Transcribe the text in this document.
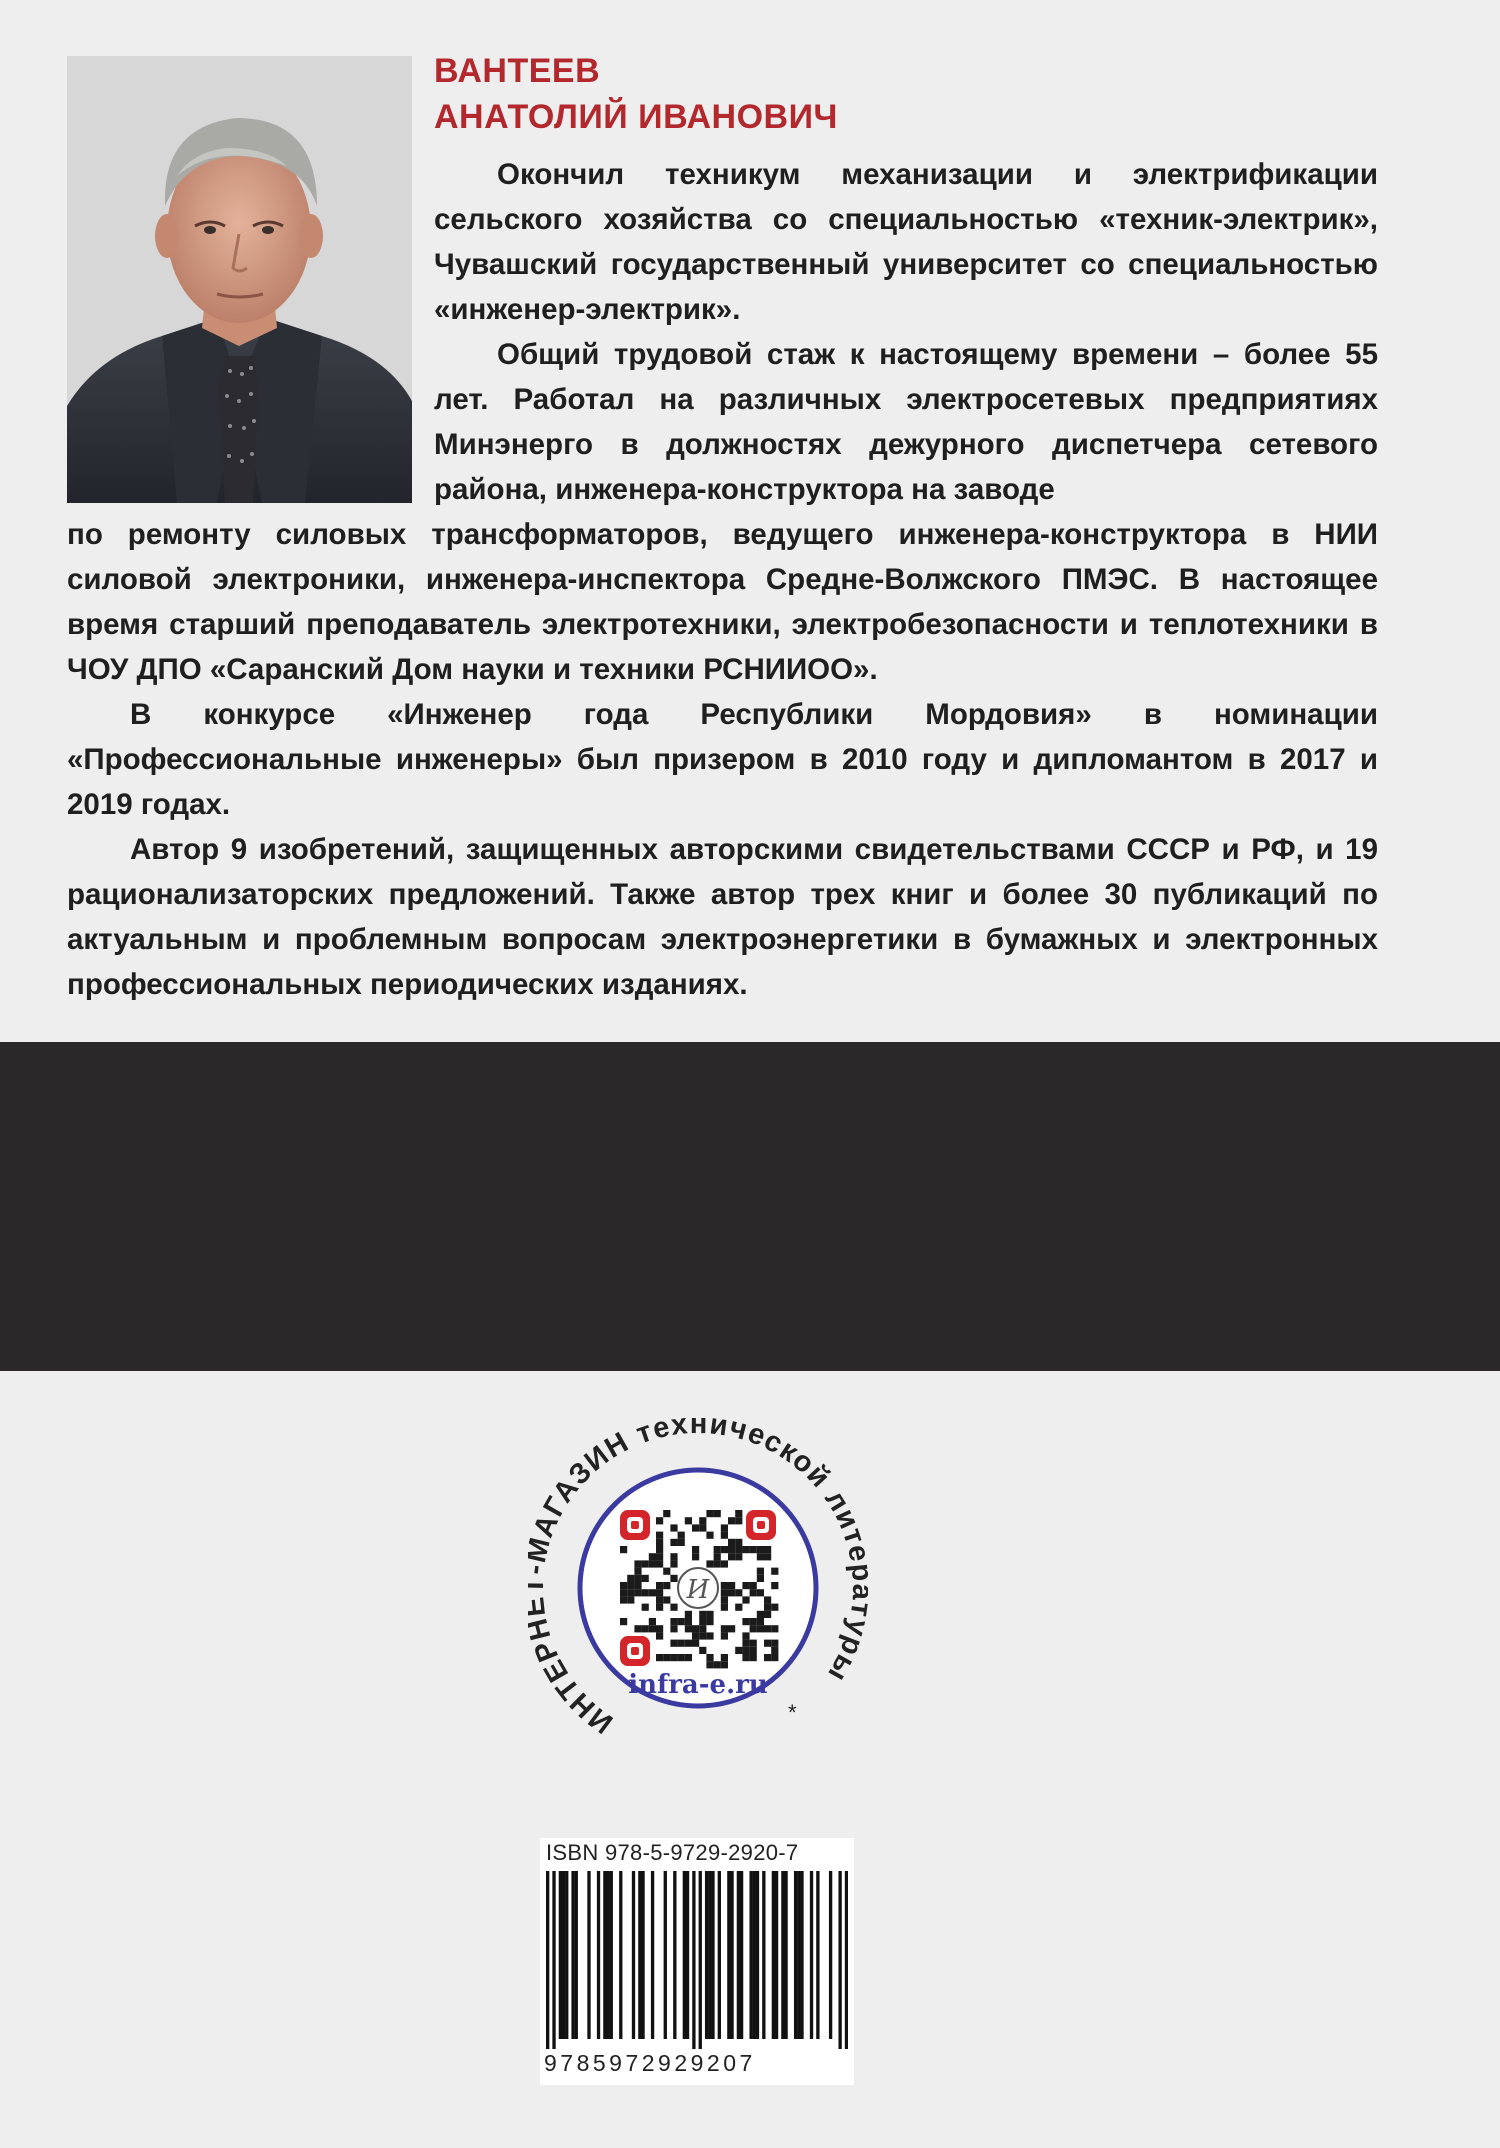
ВАНТЕЕВ
АНАТОЛИЙ ИВАНОВИЧ

Окончил техникум механизации и электрификации сельского хозяйства со специальностью «техник-электрик», Чувашский государственный университет со специальностью «инженер-электрик».

Общий трудовой стаж к настоящему времени – более 55 лет. Работал на различных электросетевых предприятиях Минэнерго в должностях дежурного диспетчера сетевого района, инженера-конструктора на заводе

по ремонту силовых трансформаторов, ведущего инженера-конструктора в НИИ силовой электроники, инженера-инспектора Средне-Волжского ПМЭС. В настоящее время старший преподаватель электротехники, электробезопасности и теплотехники в ЧОУ ДПО «Саранский Дом науки и техники РСНИИОО».

В конкурсе «Инженер года Республики Мордовия» в номинации «Профессиональные инженеры» был призером в 2010 году и дипломантом в 2017 и 2019 годах.

Автор 9 изобретений, защищенных авторскими свидетельствами СССР и РФ, и 19 рационализаторских предложений. Также автор трех книг и более 30 публикаций по актуальным и проблемным вопросам электроэнергетики в бумажных и электронных профессиональных периодических изданиях.

ИНТЕР АГАЗИН технической лит ры
*
И
infra-e.ru
ISBN 978-5-9729-2920-7
9785972929207
